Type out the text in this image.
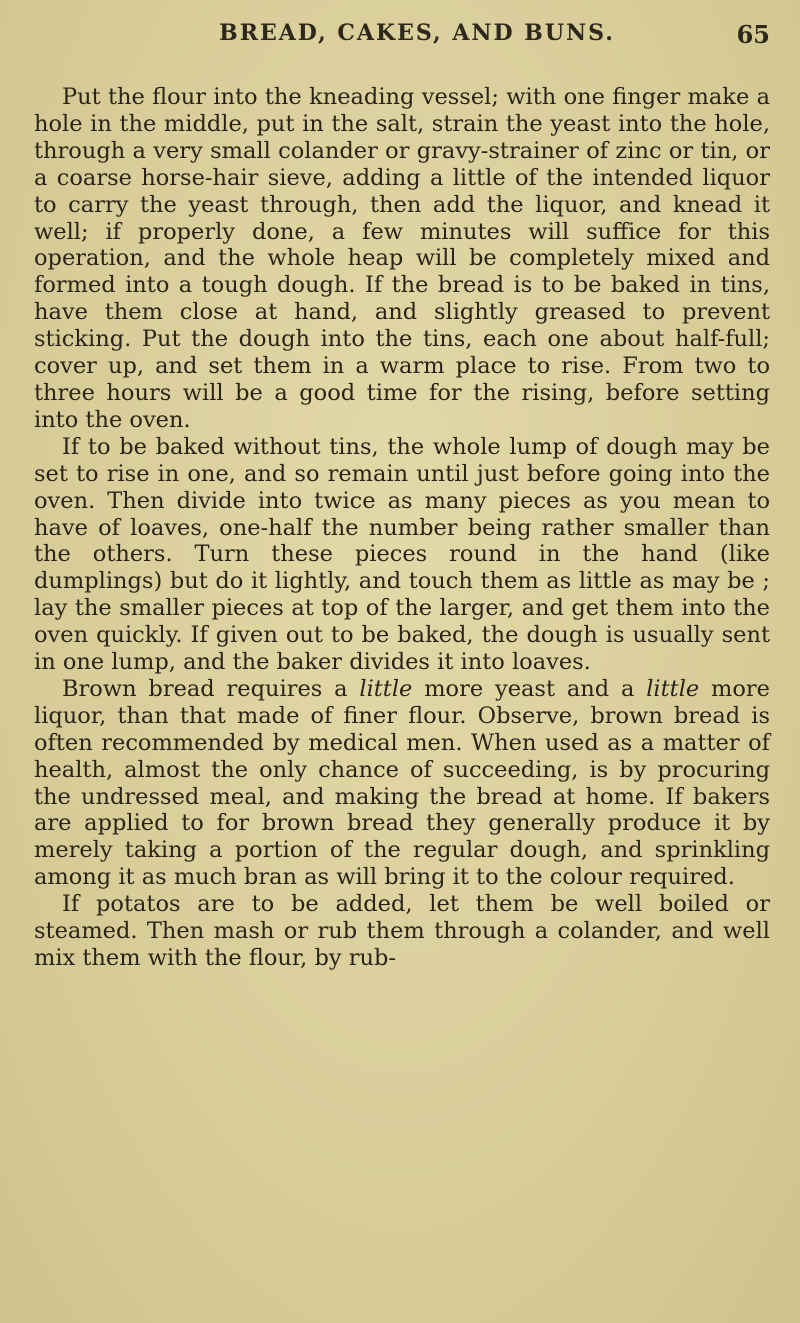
BREAD, CAKES, AND BUNS.	65

Put the flour into the kneading vessel; with one finger make a hole in the middle, put in the salt, strain the yeast into the hole, through a very small colander or gravy-strainer of zinc or tin, or a coarse horse-hair sieve, adding a little of the intended liquor to carry the yeast through, then add the liquor, and knead it well; if properly done, a few minutes will suffice for this operation, and the whole heap will be completely mixed and formed into a tough dough. If the bread is to be baked in tins, have them close at hand, and slightly greased to prevent sticking. Put the dough into the tins, each one about half-full; cover up, and set them in a warm place to rise. From two to three hours will be a good time for the rising, before setting into the oven.

If to be baked without tins, the whole lump of dough may be set to rise in one, and so remain until just before going into the oven. Then divide into twice as many pieces as you mean to have of loaves, one-half the number being rather smaller than the others. Turn these pieces round in the hand (like dumplings) but do it lightly, and touch them as little as may be ; lay the smaller pieces at top of the larger, and get them into the oven quickly. If given out to be baked, the dough is usually sent in one lump, and the baker divides it into loaves.

Brown bread requires a little more yeast and a little more liquor, than that made of finer flour. Observe, brown bread is often recommended by medical men. When used as a matter of health, almost the only chance of succeeding, is by procuring the undressed meal, and making the bread at home. If bakers are applied to for brown bread they generally produce it by merely taking a portion of the regular dough, and sprinkling among it as much bran as will bring it to the colour required.

If potatos are to be added, let them be well boiled or steamed. Then mash or rub them through a colander, and well mix them with the flour, by rub-
